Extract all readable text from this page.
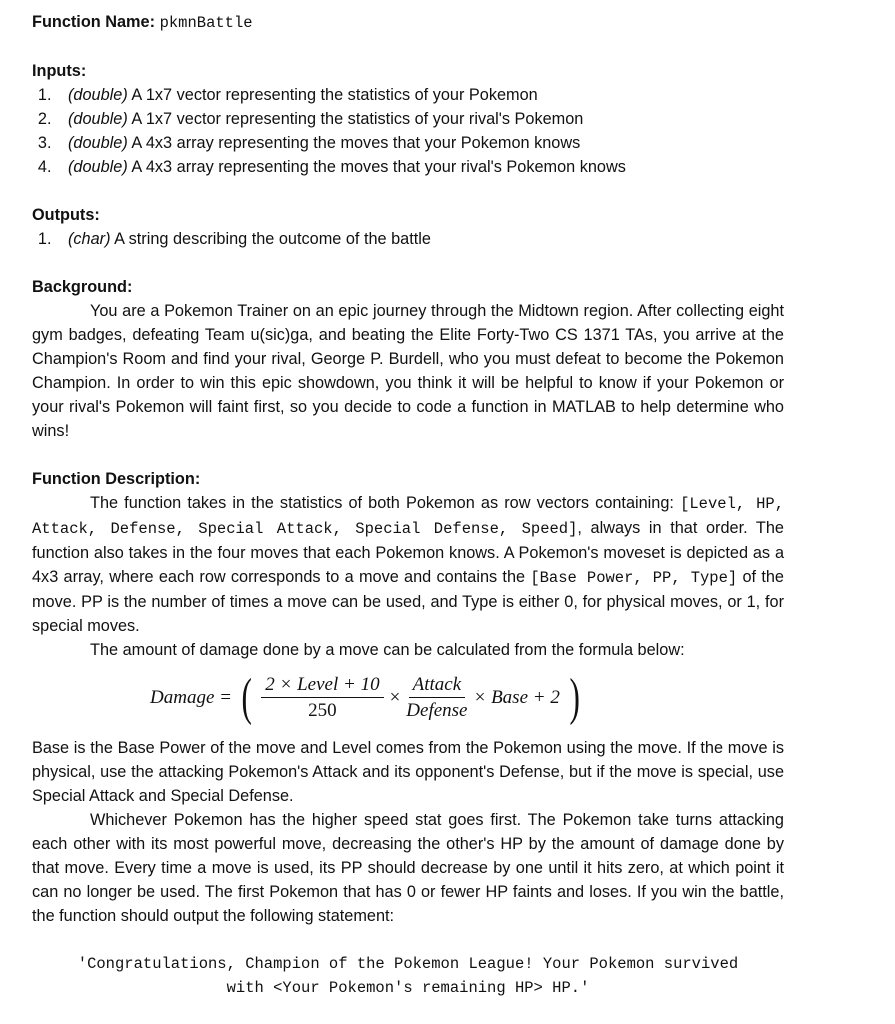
Function Name: pkmnBattle
Inputs:
1. (double) A 1x7 vector representing the statistics of your Pokemon
2. (double) A 1x7 vector representing the statistics of your rival's Pokemon
3. (double) A 4x3 array representing the moves that your Pokemon knows
4. (double) A 4x3 array representing the moves that your rival's Pokemon knows
Outputs:
1. (char) A string describing the outcome of the battle
Background:

You are a Pokemon Trainer on an epic journey through the Midtown region. After collecting eight gym badges, defeating Team u(sic)ga, and beating the Elite Forty-Two CS 1371 TAs, you arrive at the Champion's Room and find your rival, George P. Burdell, who you must defeat to become the Pokemon Champion. In order to win this epic showdown, you think it will be helpful to know if your Pokemon or your rival's Pokemon will faint first, so you decide to code a function in MATLAB to help determine who wins!

Function Description:

The function takes in the statistics of both Pokemon as row vectors containing: [Level, HP, Attack, Defense, Special Attack, Special Defense, Speed], always in that order. The function also takes in the four moves that each Pokemon knows. A Pokemon's moveset is depicted as a 4x3 array, where each row corresponds to a move and contains the [Base Power, PP, Type] of the move. PP is the number of times a move can be used, and Type is either 0, for physical moves, or 1, for special moves.

The amount of damage done by a move can be calculated from the formula below:

Damage = ( $\frac{\text{2 × Level + 10}}{250} \times \frac{\text{Attack}}{\text{Defense}}$ × Base + 2 )

Base is the Base Power of the move and Level comes from the Pokemon using the move. If the move is physical, use the attacking Pokemon's Attack and its opponent's Defense, but if the move is special, use Special Attack and Special Defense.

Whichever Pokemon has the higher speed stat goes first. The Pokemon take turns attacking each other with its most powerful move, decreasing the other's HP by the amount of damage done by that move. Every time a move is used, its PP should decrease by one until it hits zero, at which point it can no longer be used. The first Pokemon that has 0 or fewer HP faints and loses. If you win the battle, the function should output the following statement:

'Congratulations, Champion of the Pokemon League! Your Pokemon survived
with <Your Pokemon's remaining HP> HP.'
